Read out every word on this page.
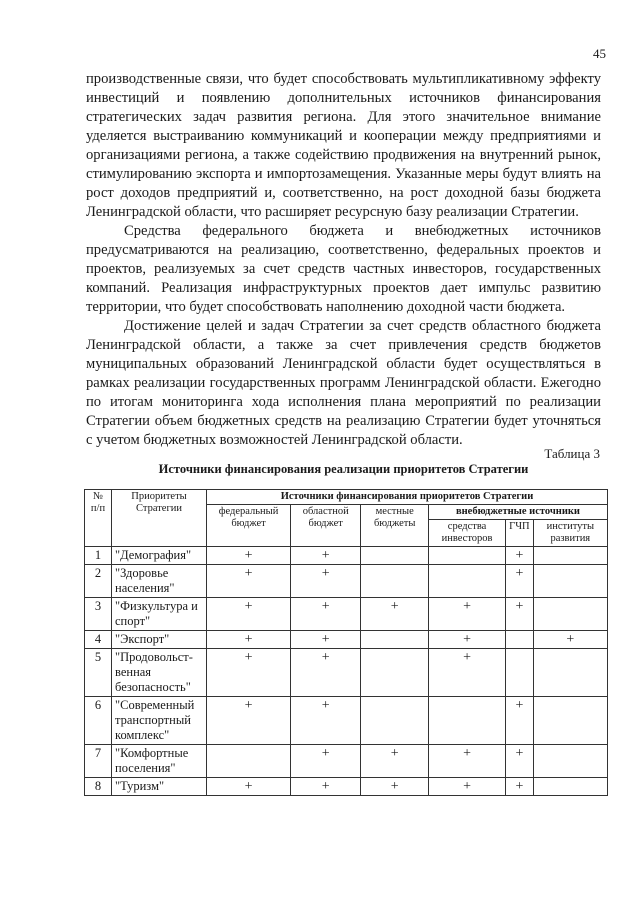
45

производственные связи, что будет способствовать мультипликативному эффекту инвестиций и появлению дополнительных источников финансирования стратегических задач развития региона. Для этого значительное внимание уделяется выстраиванию коммуникаций и кооперации между предприятиями и организациями региона, а также содействию продвижения на внутренний рынок, стимулированию экспорта и импортозамещения. Указанные меры будут влиять на рост доходов предприятий и, соответственно, на рост доходной базы бюджета Ленинградской области, что расширяет ресурсную базу реализации Стратегии.

Средства федерального бюджета и внебюджетных источников предусматриваются на реализацию, соответственно, федеральных проектов и проектов, реализуемых за счет средств частных инвесторов, государственных компаний. Реализация инфраструктурных проектов дает импульс развитию территории, что будет способствовать наполнению доходной части бюджета.

Достижение целей и задач Стратегии за счет средств областного бюджета Ленинградской области, а также за счет привлечения средств бюджетов муниципальных образований Ленинградской области будет осуществляться в рамках реализации государственных программ Ленинградской области. Ежегодно по итогам мониторинга хода исполнения плана мероприятий по реализации Стратегии объем бюджетных средств на реализацию Стратегии будет уточняться с учетом бюджетных возможностей Ленинградской области.

Таблица 3
Источники финансирования реализации приоритетов Стратегии
№ п/п	Приоритеты Стратегии	Источники финансирования приоритетов Стратегии					
		федеральный бюджет	областной бюджет	местные бюджеты	внебюджетные источники		
					средства инвесторов	ГЧП	институты развития
1	"Демография"	+	+			+	
2	"Здоровье населения"	+	+			+	
3	"Физкультура и спорт"	+	+	+	+	+	
4	"Экспорт"	+	+		+		+
5	"Продовольст-венная безопасность"	+	+		+		
6	"Современный транспортный комплекс"	+	+			+	
7	"Комфортные поселения"		+	+	+	+	
8	"Туризм"	+	+	+	+	+	
